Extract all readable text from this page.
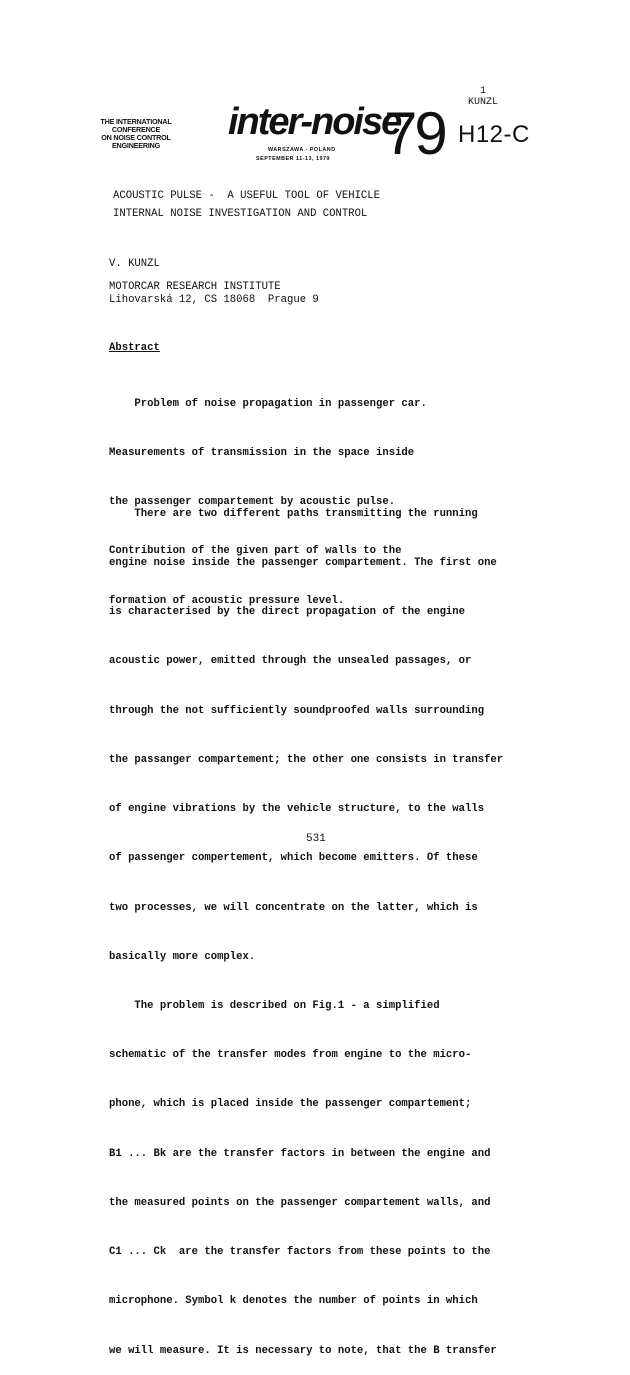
1
KUNZL
THE INTERNATIONAL
CONFERENCE
ON NOISE CONTROL
ENGINEERING
inter-noise
79
WARSZAWA - POLAND
SEPTEMBER 11-13, 1979
H12-C
ACOUSTIC PULSE -  A USEFUL TOOL OF VEHICLE
INTERNAL NOISE INVESTIGATION AND CONTROL
V. KUNZL
MOTORCAR RESEARCH INSTITUTE
Lihovarská 12, CS 18068  Prague 9
Abstract

Problem of noise propagation in passenger car.

Measurements of transmission in the space inside

the passenger compartement by acoustic pulse.

Contribution of the given part of walls to the

formation of acoustic pressure level.

There are two different paths transmitting the running

engine noise inside the passenger compartement. The first one

is characterised by the direct propagation of the engine

acoustic power, emitted through the unsealed passages, or

through the not sufficiently soundproofed walls surrounding

the passanger compartement; the other one consists in transfer

of engine vibrations by the vehicle structure, to the walls

of passenger compertement, which become emitters. Of these

two processes, we will concentrate on the latter, which is

basically more complex.

The problem is described on Fig.1 - a simplified

schematic of the transfer modes from engine to the micro-

phone, which is placed inside the passenger compartement;

B1 ... Bk are the transfer factors in between the engine and

the measured points on the passenger compartement walls, and

C1 ... Ck  are the transfer factors from these points to the

microphone. Symbol k denotes the number of points in which

we will measure. It is necessary to note, that the B transfer

531
